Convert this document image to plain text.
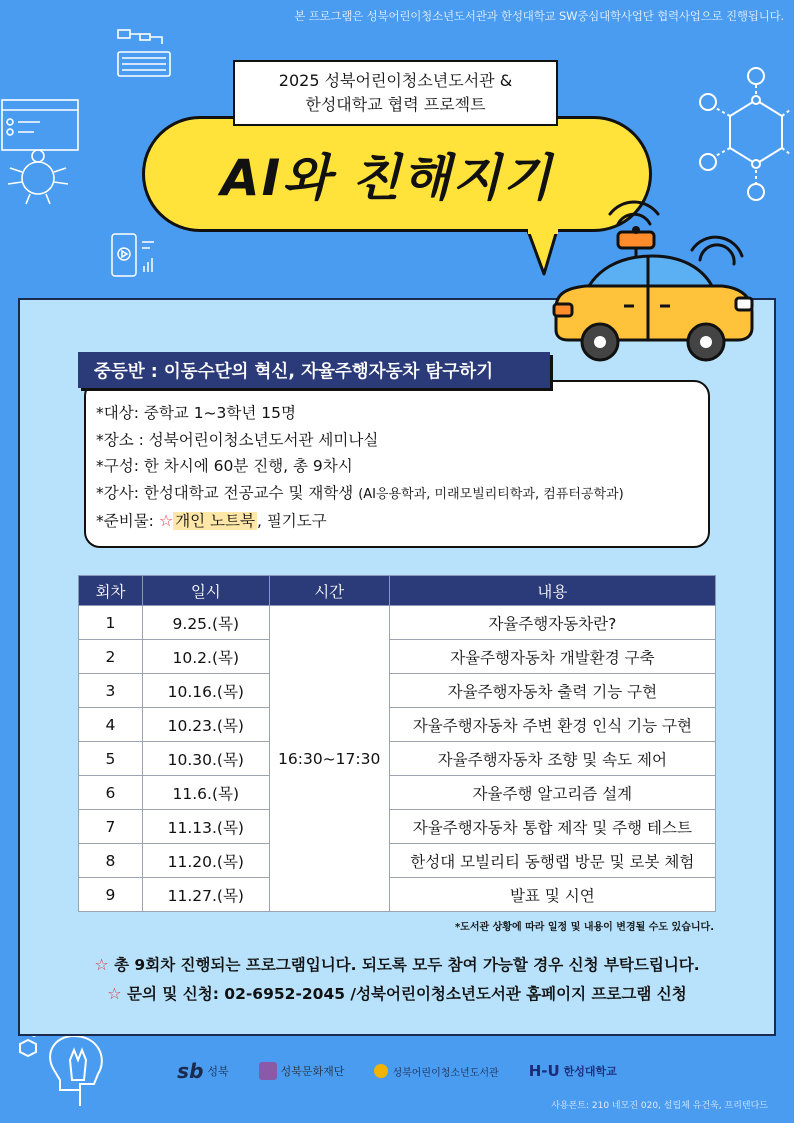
본 프로그램은 성북어린이청소년도서관과 한성대학교 SW중심대학사업단 협력사업으로 진행됩니다.
2025 성북어린이청소년도서관 &
한성대학교 협력 프로젝트
AI와 친해지기
중등반 : 이동수단의 혁신, 자율주행자동차 탐구하기
*대상: 중학교 1~3학년 15명
*장소 : 성북어린이청소년도서관 세미나실
*구성: 한 차시에 60분 진행, 총 9차시
*강사: 한성대학교 전공교수 및 재학생 (AI응용학과, 미래모빌리티학과, 컴퓨터공학과)
*준비물: ☆ 개인 노트북 , 필기도구
회차	일시	시간	내용
1	9.25.(목)	16:30~17:30	자율주행자동차란?
2	10.2.(목)		자율주행자동차 개발환경 구축
3	10.16.(목)		자율주행자동차 출력 기능 구현
4	10.23.(목)		자율주행자동차 주변 환경 인식 기능 구현
5	10.30.(목)		자율주행자동차 조향 및 속도 제어
6	11.6.(목)		자율주행 알고리즘 설계
7	11.13.(목)		자율주행자동차 통합 제작 및 주행 테스트
8	11.20.(목)		한성대 모빌리티 동행랩 방문 및 로봇 체험
9	11.27.(목)		발표 및 시연
*도서관 상황에 따라 일정 및 내용이 변경될 수도 있습니다.
☆ 총 9회차 진행되는 프로그램입니다. 되도록 모두 참여 가능할 경우 신청 부탁드립니다.
☆ 문의 및 신청: 02-6952-2045 /성북어린이청소년도서관 홈페이지 프로그램 신청
sb 성북	성북문화재단	성북어린이청소년도서관 H-U 한성대학교
사용폰트: 210 네모진 020, 설립체 유건욱, 프리텐다드
